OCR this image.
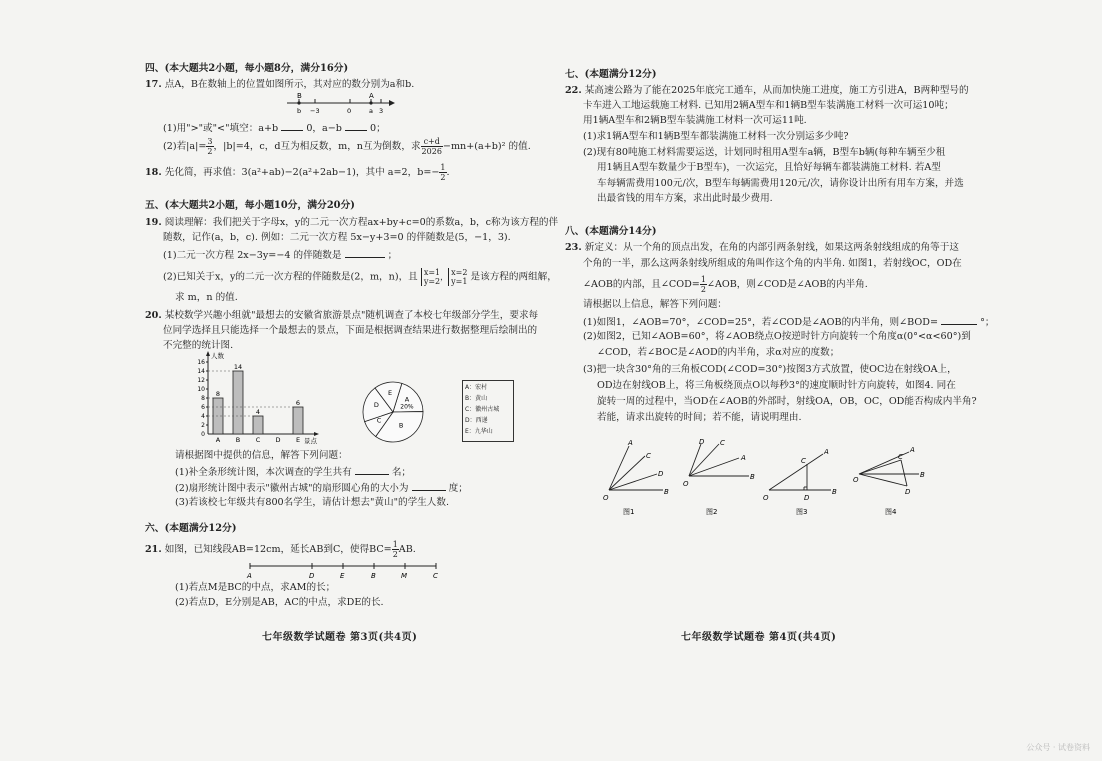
四、(本大题共2小题，每小题8分，满分16分)
17. 点A，B在数轴上的位置如图所示，其对应的数分别为a和b.
B	A
b −3	0	a 3
(1)用">"或"<"填空：a+b	0，a−b	0；
(2)若$|a|= \frac{3}{2}$ ，|b|=4，c，d互为相反数，m，n互为倒数，求 $\frac{c+d}{2026} -mn+(a+b)^2$ 的值.
18. 先化简，再求值：3(a²+ab)−2(a²+2ab−1)，其中 a=2，$b=- \frac{1}{2}$ .
五、(本大题共2小题，每小题10分，满分20分)
19. 阅读理解：我们把关于字母x，y的二元一次方程ax+by+c=0的系数a，b，c称为该方程的伴
随数，记作(a，b，c). 例如：二元一次方程 5x−y+3=0 的伴随数是(5，−1，3).
(1)二元一次方程 2x−3y=−4 的伴随数是	；
(2)已知关于x，y的二元一次方程的伴随数是(2，m，n)，且 x=1
y=2 ， x=2
y=1 是该方程的两组解，
求 m，n 的值.
20. 某校数学兴趣小组就"最想去的安徽省旅游景点"随机调查了本校七年级部分学生，要求每
位同学选择且只能选择一个最想去的景点，下面是根据调查结果进行数据整理后绘制出的
不完整的统计图.
人数
景点
0
2
4
6
8
10
12
14
16
8
A
14
B
4
C D
6
E
A
20%
B
C
D
E
A：宏村
B：黄山
C：徽州古城
D：西递
E：九华山
请根据图中提供的信息，解答下列问题：
(1)补全条形统计图，本次调查的学生共有	名；
(2)扇形统计图中表示"徽州古城"的扇形圆心角的大小为	度；
(3)若该校七年级共有800名学生，请估计想去"黄山"的学生人数.
六、(本题满分12分)
21. 如图，已知线段AB=12cm，延长AB到C，使得$BC= \frac{1}{2}$ AB.
A	D	E	B	M	C
(1)若点M是BC的中点，求AM的长；
(2)若点D，E分别是AB，AC的中点，求DE的长.
七年级数学试题卷 第3页(共4页)
七、(本题满分12分)
22. 某高速公路为了能在2025年底完工通车，从而加快施工进度，施工方引进A，B两种型号的
卡车进入工地运载施工材料. 已知用2辆A型车和1辆B型车装满施工材料一次可运10吨；
用1辆A型车和2辆B型车装满施工材料一次可运11吨.
(1)求1辆A型车和1辆B型车都装满施工材料一次分别运多少吨?
(2)现有80吨施工材料需要运送，计划同时租用A型车a辆，B型车b辆(每种车辆至少租
用1辆且A型车数量少于B型车)，一次运完，且恰好每辆车都装满施工材料. 若A型
车每辆需费用100元/次，B型车每辆需费用120元/次，请你设计出所有用车方案，并选
出最省钱的用车方案，求出此时最少费用.
八、(本题满分14分)
23. 新定义：从一个角的顶点出发，在角的内部引两条射线，如果这两条射线组成的角等于这
个角的一半，那么这两条射线所组成的角叫作这个角的内半角. 如图1，若射线OC，OD在
∠AOB的内部，且∠COD= $\frac{1}{2}$ ∠AOB，则∠COD是∠AOB的内半角.
请根据以上信息，解答下列问题：
(1)如图1，∠AOB=70°，∠COD=25°，若∠COD是∠AOB的内半角，则∠BOD=	°；
(2)如图2，已知∠AOB=60°，将∠AOB绕点O按逆时针方向旋转一个角度α(0°<α<60°)到
∠COD，若∠BOC是∠AOD的内半角，求α对应的度数；
(3)把一块含30°角的三角板COD(∠COD=30°)按图3方式放置，使OC边在射线OA上，
OD边在射线OB上，将三角板绕顶点O以每秒3°的速度顺时针方向旋转，如图4. 同在
旋转一周的过程中，当OD在∠AOB的外部时，射线OA，OB，OC，OD能否构成内半角?
若能，请求出旋转的时间；若不能，请说明理由.
O
A
C
D
B
图1
O
C
A
D
B
图2
O
A
C
D
B
图3
O
A
C
B
D
图4
七年级数学试题卷 第4页(共4页)
公众号 · 试卷资料
